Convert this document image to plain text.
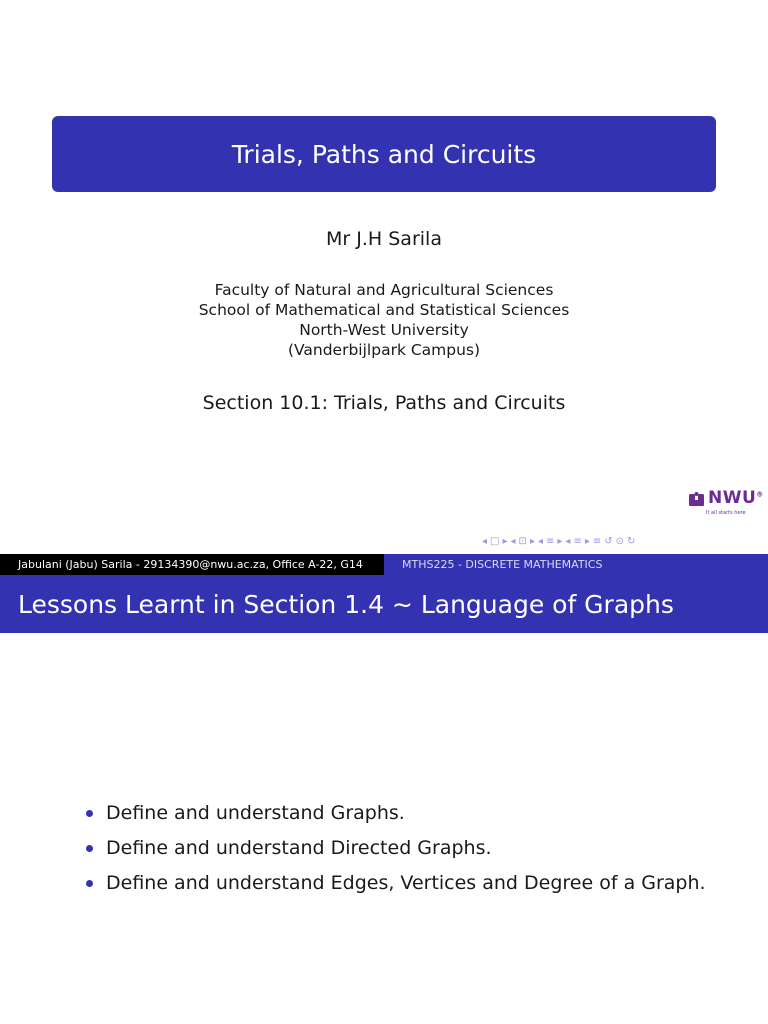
Trials, Paths and Circuits
Mr J.H Sarila
Faculty of Natural and Agricultural Sciences
School of Mathematical and Statistical Sciences
North-West University
(Vanderbijlpark Campus)
Section 10.1: Trials, Paths and Circuits
NWU®
It all starts here
◂ □ ▸ ◂ ⊡ ▸ ◂ ≡ ▸ ◂ ≡ ▸ ≡ ↺ ⊙ ↻
Jabulani (Jabu) Sarila - 29134390@nwu.ac.za, Office A-22, G14	MTHS225 - DISCRETE MATHEMATICS
Lessons Learnt in Section 1.4 ∼ Language of Graphs
Define and understand Graphs.
Define and understand Directed Graphs.
Define and understand Edges, Vertices and Degree of a Graph.
